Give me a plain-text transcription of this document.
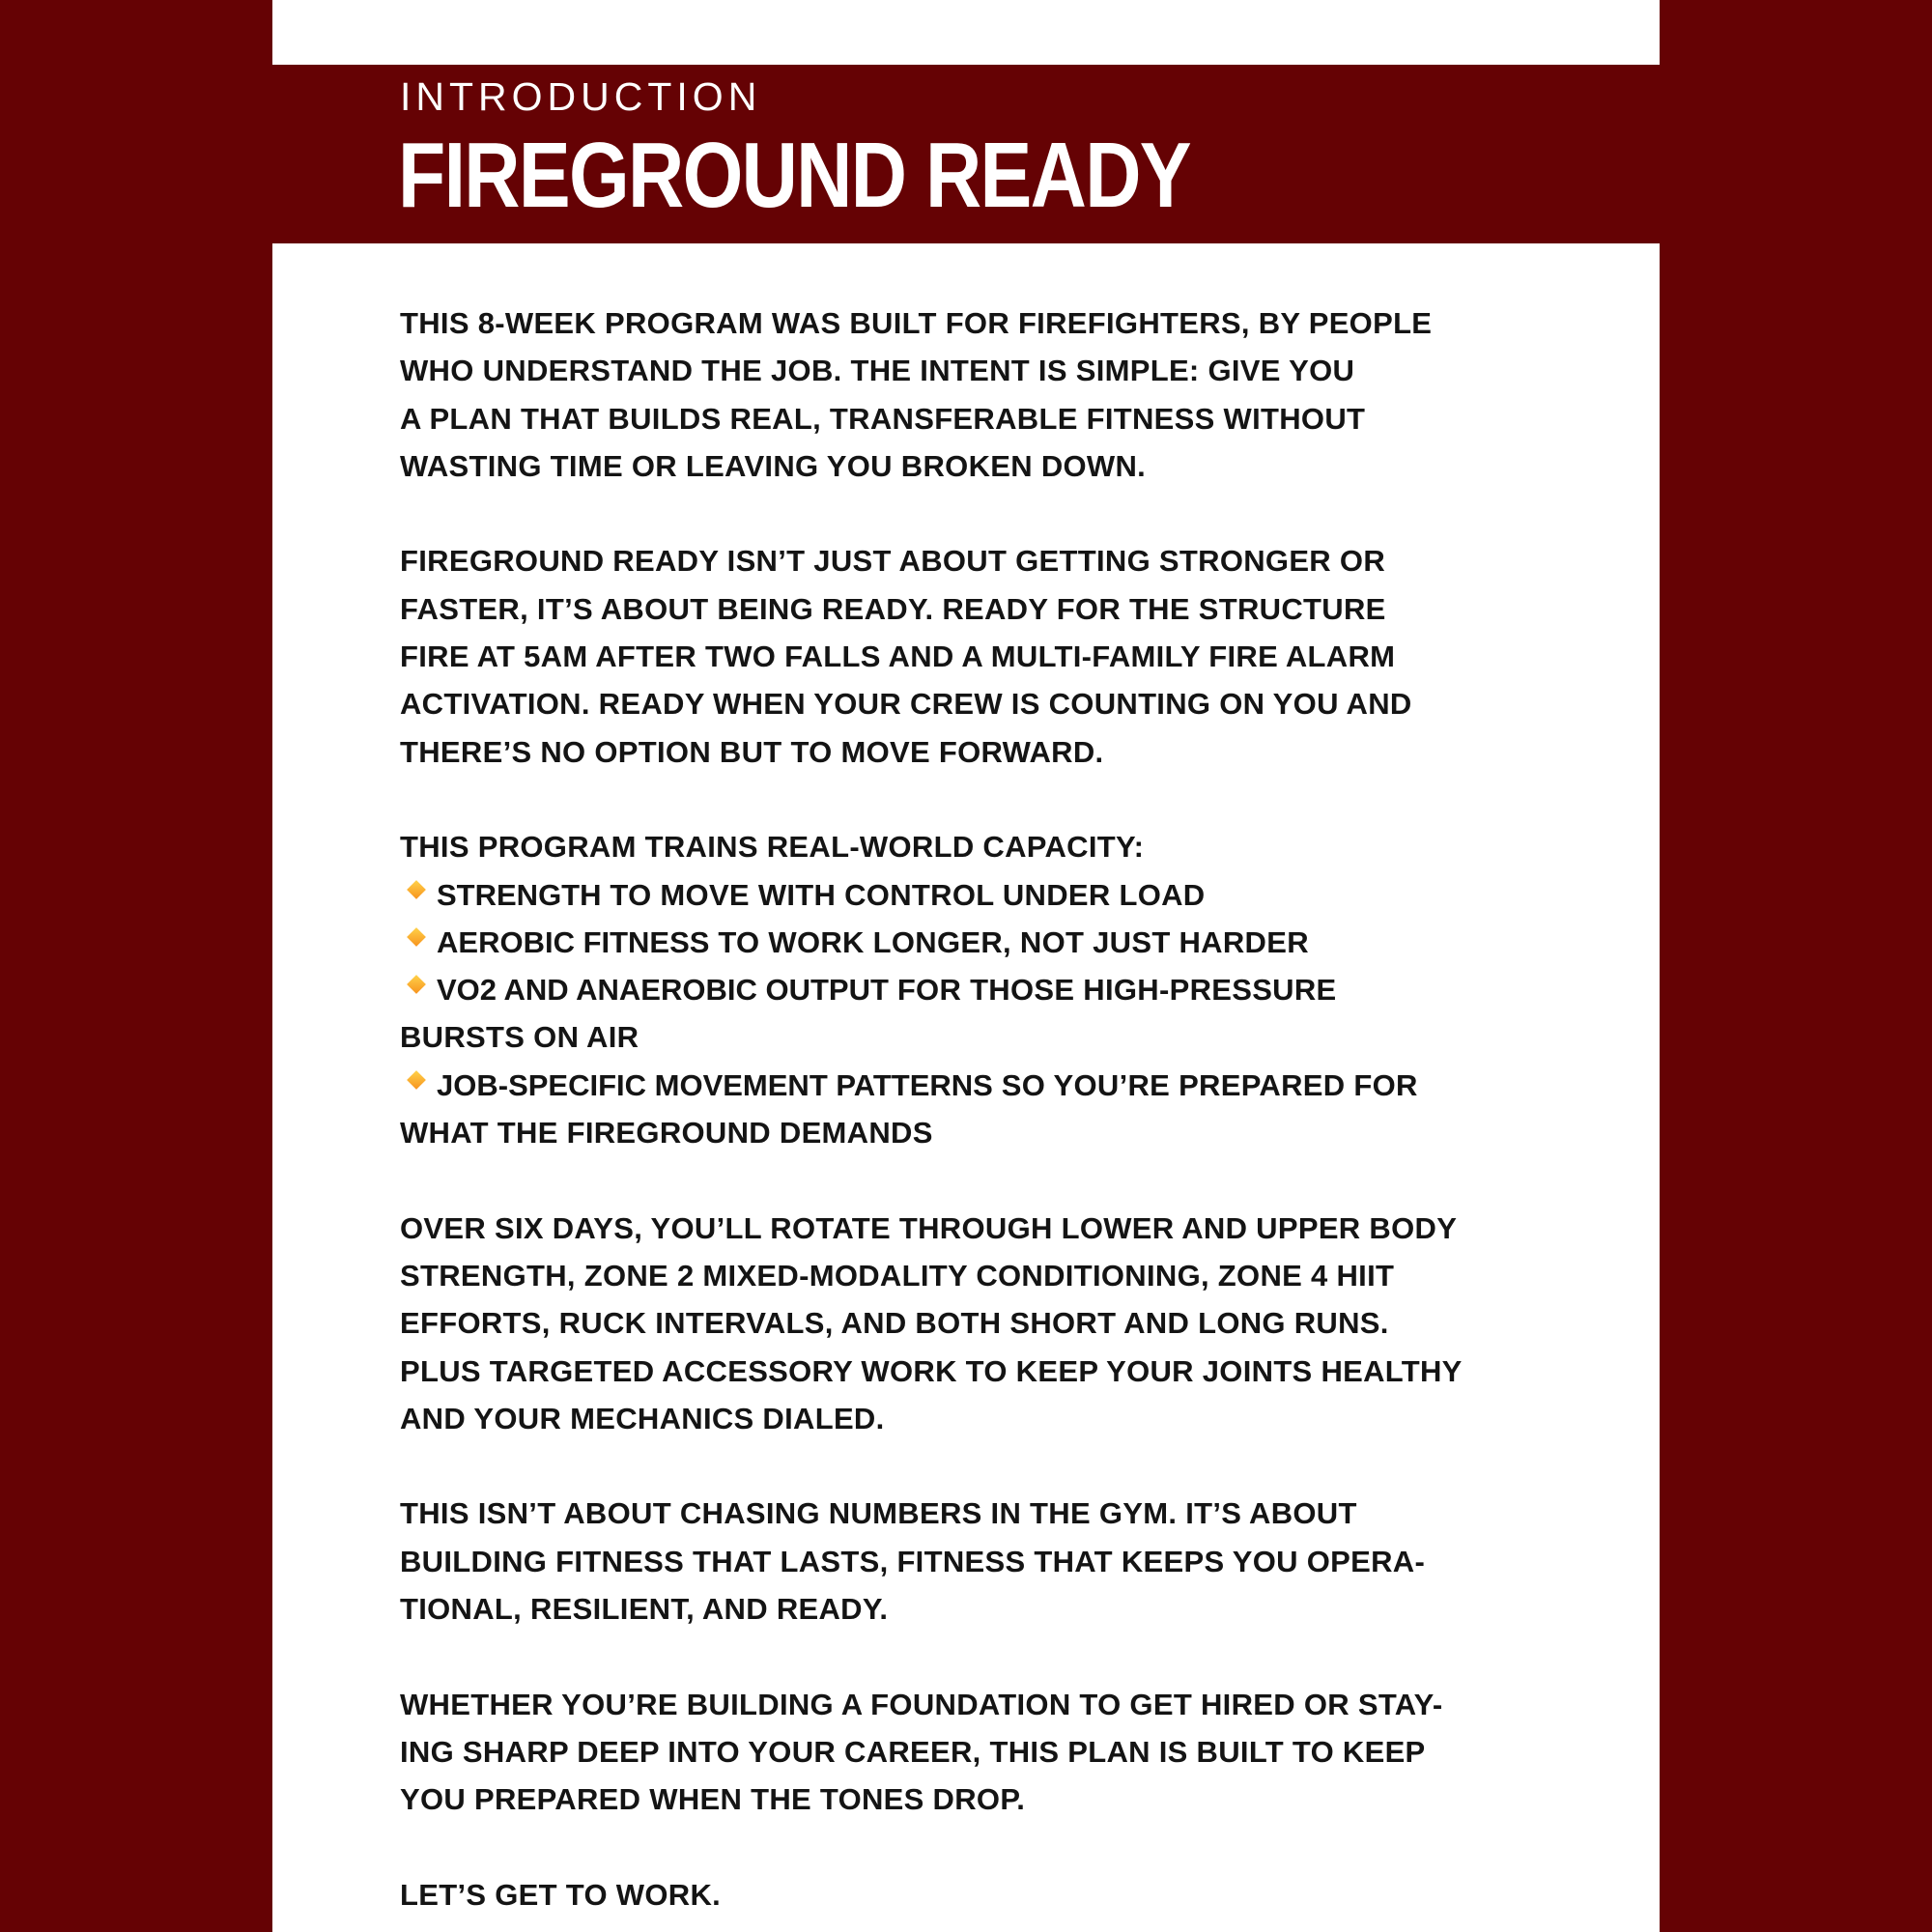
INTRODUCTION
FIREGROUND READY
THIS 8-WEEK PROGRAM WAS BUILT FOR FIREFIGHTERS, BY PEOPLE
WHO UNDERSTAND THE JOB. THE INTENT IS SIMPLE: GIVE YOU
A PLAN THAT BUILDS REAL, TRANSFERABLE FITNESS WITHOUT
WASTING TIME OR LEAVING YOU BROKEN DOWN.
FIREGROUND READY ISN’T JUST ABOUT GETTING STRONGER OR
FASTER, IT’S ABOUT BEING READY. READY FOR THE STRUCTURE
FIRE AT 5AM AFTER TWO FALLS AND A MULTI-FAMILY FIRE ALARM
ACTIVATION. READY WHEN YOUR CREW IS COUNTING ON YOU AND
THERE’S NO OPTION BUT TO MOVE FORWARD.
THIS PROGRAM TRAINS REAL-WORLD CAPACITY:
STRENGTH TO MOVE WITH CONTROL UNDER LOAD
AEROBIC FITNESS TO WORK LONGER, NOT JUST HARDER
VO2 AND ANAEROBIC OUTPUT FOR THOSE HIGH-PRESSURE
BURSTS ON AIR
JOB-SPECIFIC MOVEMENT PATTERNS SO YOU’RE PREPARED FOR
WHAT THE FIREGROUND DEMANDS
OVER SIX DAYS, YOU’LL ROTATE THROUGH LOWER AND UPPER BODY
STRENGTH, ZONE 2 MIXED-MODALITY CONDITIONING, ZONE 4 HIIT
EFFORTS, RUCK INTERVALS, AND BOTH SHORT AND LONG RUNS.
PLUS TARGETED ACCESSORY WORK TO KEEP YOUR JOINTS HEALTHY
AND YOUR MECHANICS DIALED.
THIS ISN’T ABOUT CHASING NUMBERS IN THE GYM. IT’S ABOUT
BUILDING FITNESS THAT LASTS, FITNESS THAT KEEPS YOU OPERA-
TIONAL, RESILIENT, AND READY.
WHETHER YOU’RE BUILDING A FOUNDATION TO GET HIRED OR STAY-
ING SHARP DEEP INTO YOUR CAREER, THIS PLAN IS BUILT TO KEEP
YOU PREPARED WHEN THE TONES DROP.
LET’S GET TO WORK.
